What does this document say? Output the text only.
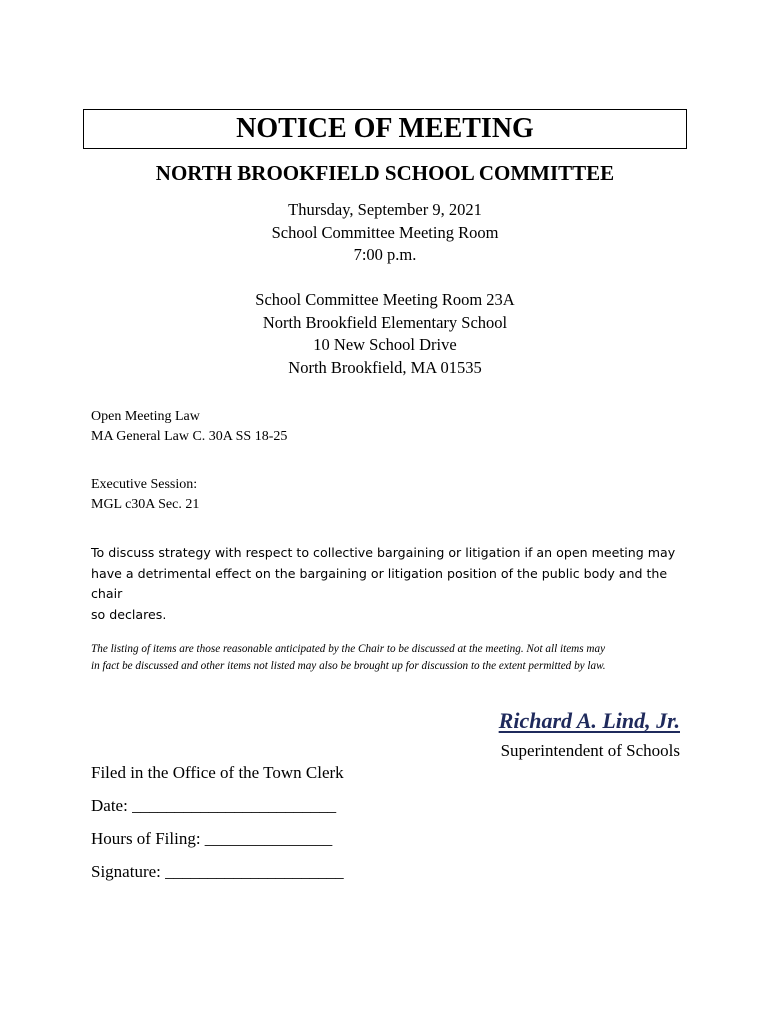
NOTICE OF MEETING
NORTH BROOKFIELD SCHOOL COMMITTEE
Thursday, September 9, 2021
School Committee Meeting Room
7:00 p.m.
School Committee Meeting Room 23A
North Brookfield Elementary School
10 New School Drive
North Brookfield, MA 01535
Open Meeting Law
MA General Law C. 30A SS 18-25
Executive Session:
MGL c30A Sec. 21
To discuss strategy with respect to collective bargaining or litigation if an open meeting may
have a detrimental effect on the bargaining or litigation position of the public body and the chair
so declares.
The listing of items are those reasonable anticipated by the Chair to be discussed at the meeting. Not all items may
in fact be discussed and other items not listed may also be brought up for discussion to the extent permitted by law.
Richard A. Lind, Jr.
Superintendent of Schools
Filed in the Office of the Town Clerk
Date: ________________________
Hours of Filing: _______________
Signature: _____________________
